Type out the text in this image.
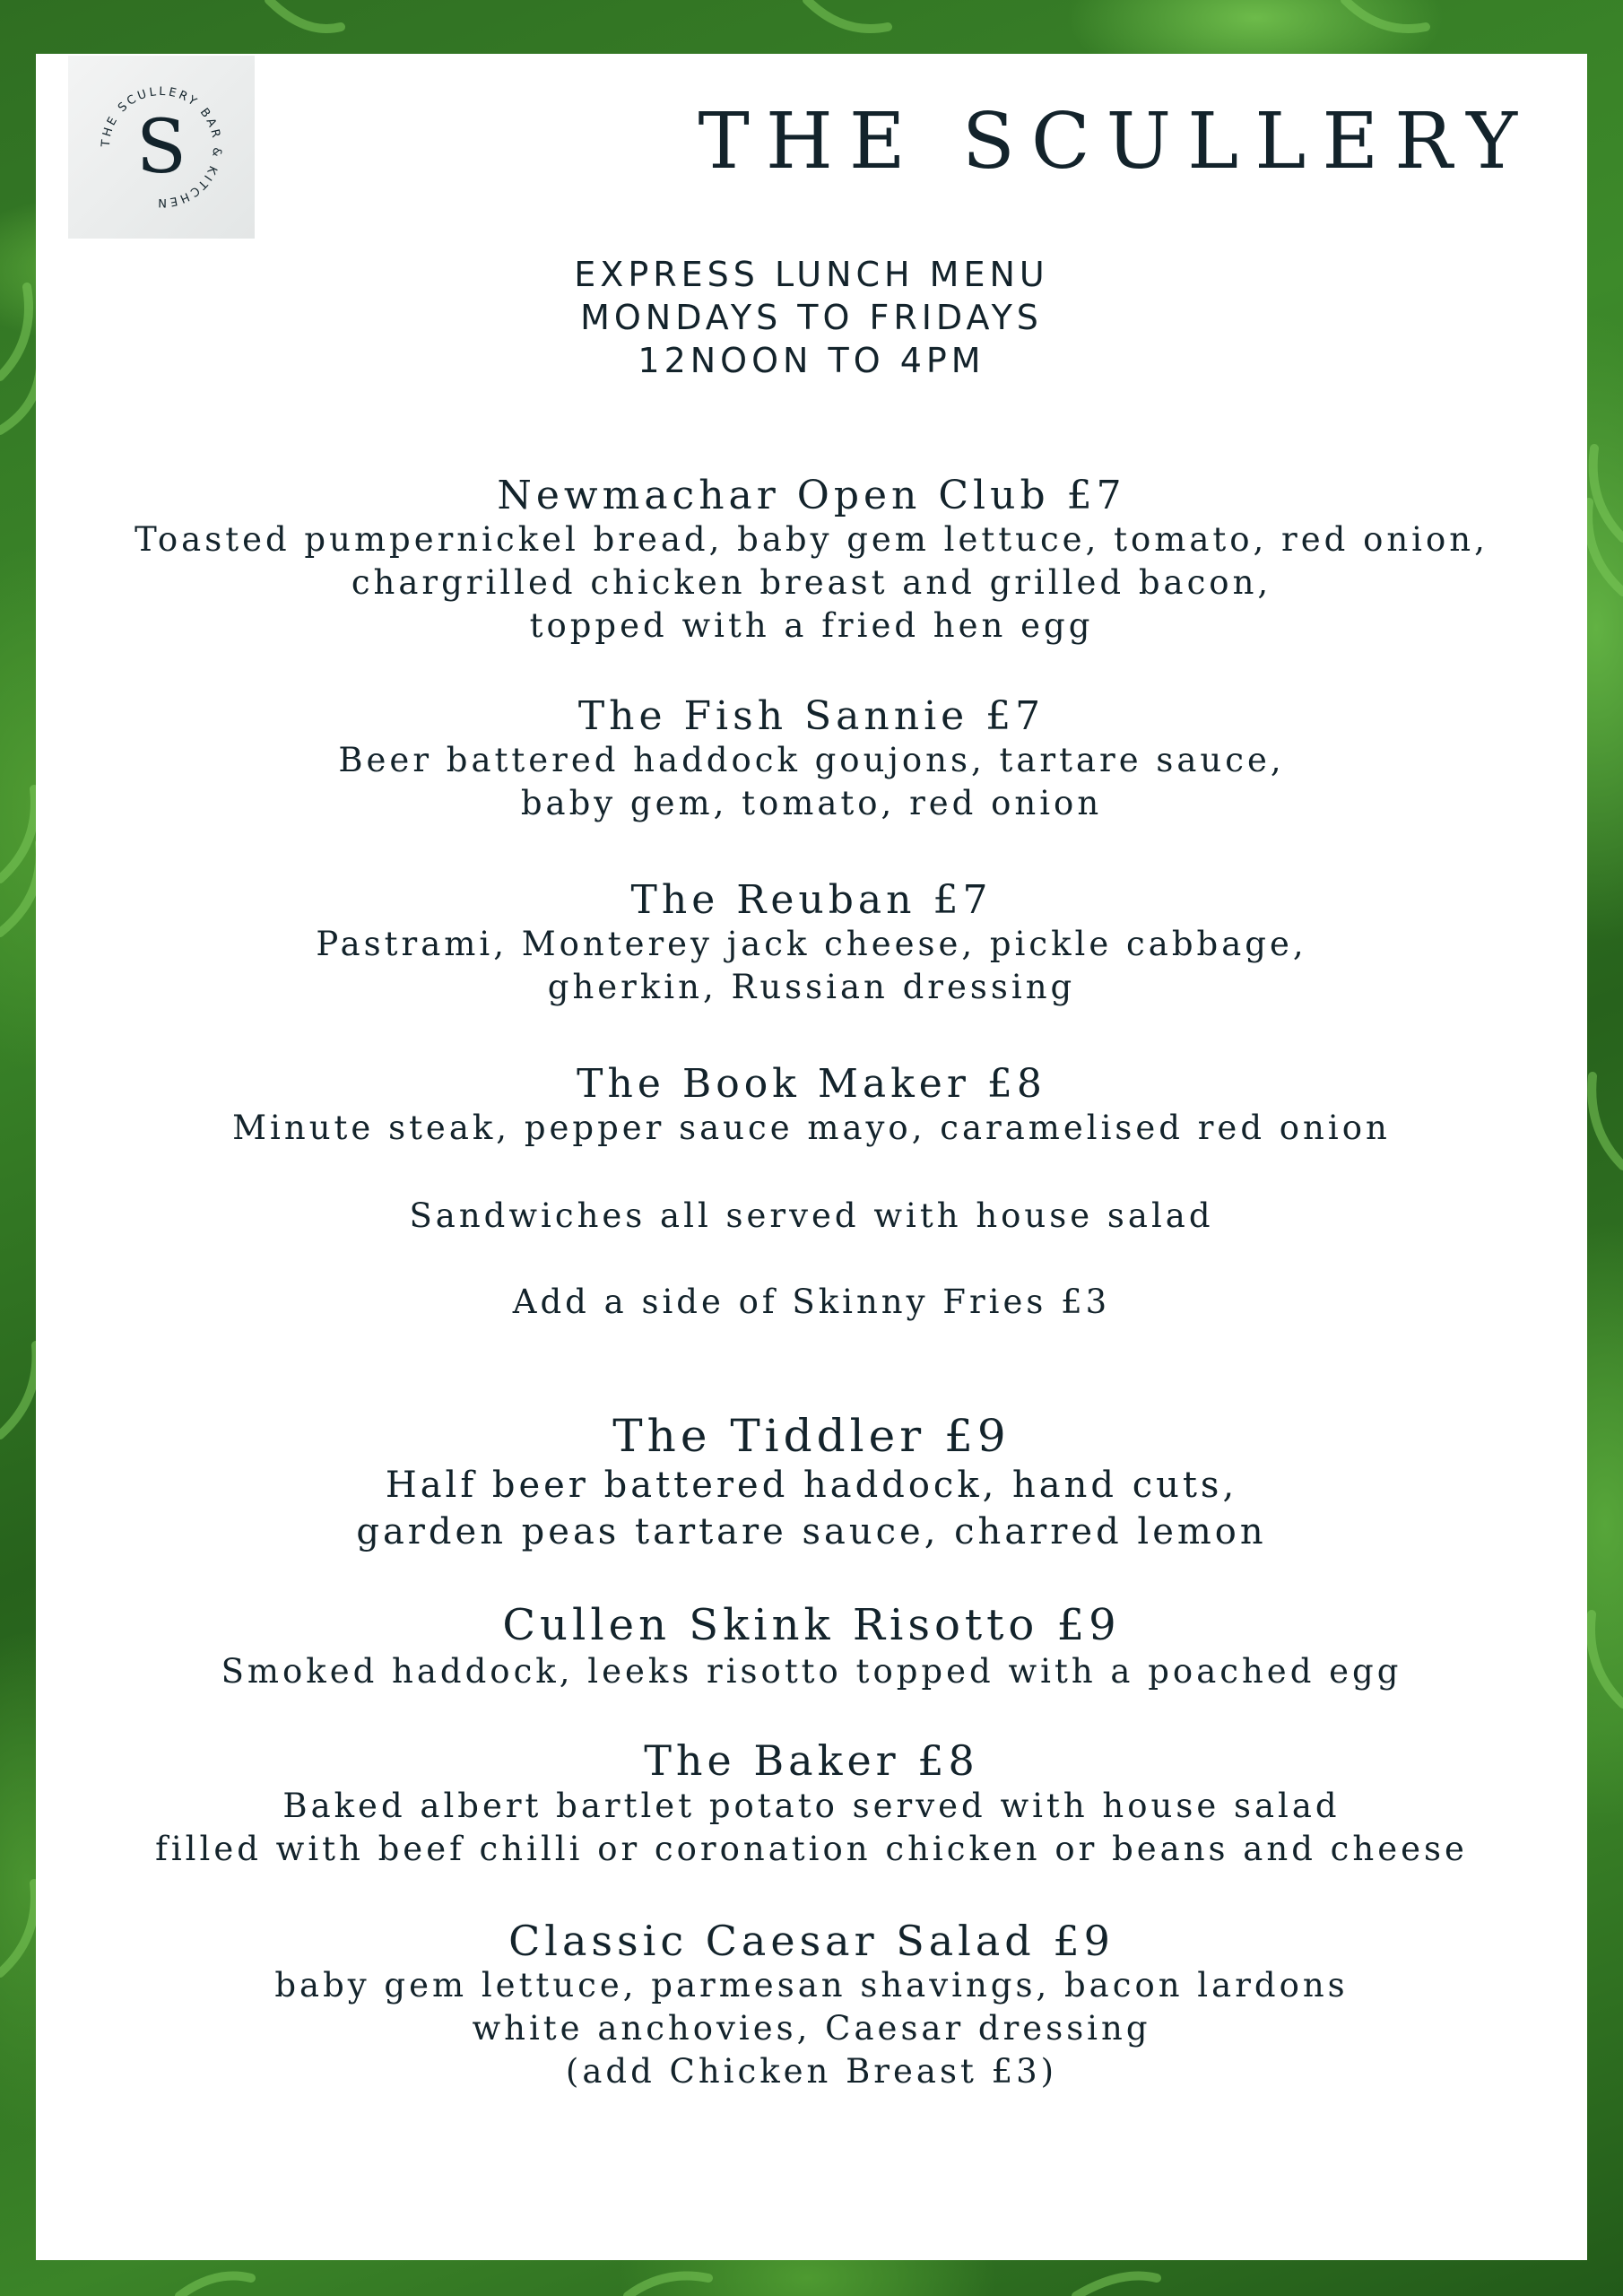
THE SCULLERY BAR & KITCHEN
S	THE SCULLERY
EXPRESS LUNCH MENU
MONDAYS TO FRIDAYS
12NOON TO 4PM
Newmachar Open Club £7
Toasted pumpernickel bread, baby gem lettuce, tomato, red onion,
chargrilled chicken breast and grilled bacon,
topped with a fried hen egg
The Fish Sannie £7
Beer battered haddock goujons, tartare sauce,
baby gem, tomato, red onion
The Reuban £7
Pastrami, Monterey jack cheese, pickle cabbage,
gherkin, Russian dressing
The Book Maker £8
Minute steak, pepper sauce mayo, caramelised red onion
Sandwiches all served with house salad
Add a side of Skinny Fries £3
The Tiddler £9
Half beer battered haddock, hand cuts,
garden peas tartare sauce, charred lemon
Cullen Skink Risotto £9
Smoked haddock, leeks risotto topped with a poached egg
The Baker £8
Baked albert bartlet potato served with house salad
filled with beef chilli or coronation chicken or beans and cheese
Classic Caesar Salad £9
baby gem lettuce, parmesan shavings, bacon lardons
white anchovies, Caesar dressing
(add Chicken Breast £3)
